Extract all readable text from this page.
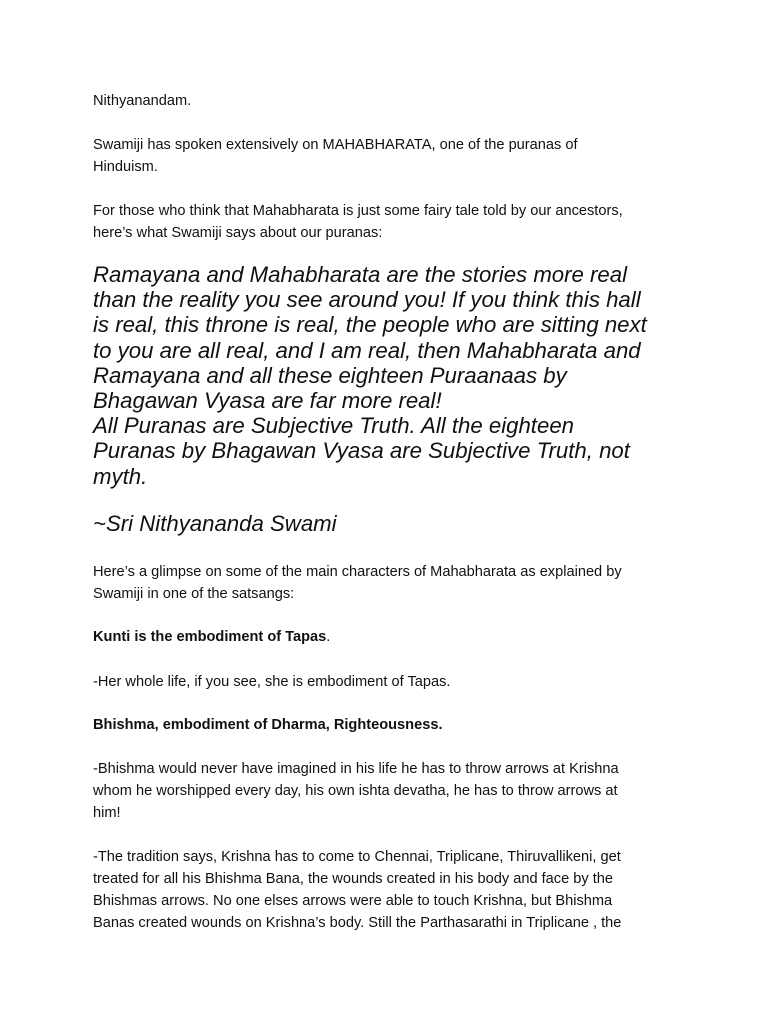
Nithyanandam.

Swamiji has spoken extensively on MAHABHARATA, one of the puranas of
Hinduism.

For those who think that Mahabharata is just some fairy tale told by our ancestors,
here’s what Swamiji says about our puranas:

Ramayana and Mahabharata are the stories more real
than the reality you see around you! If you think this hall
is real, this throne is real, the people who are sitting next
to you are all real, and I am real, then Mahabharata and
Ramayana and all these eighteen Puraanaas by
Bhagawan Vyasa are far more real!
All Puranas are Subjective Truth. All the eighteen
Puranas by Bhagawan Vyasa are Subjective Truth, not
myth.
~Sri Nithyananda Swami

Here’s a glimpse on some of the main characters of Mahabharata as explained by
Swamiji in one of the satsangs:

Kunti is the embodiment of Tapas.

-Her whole life, if you see, she is embodiment of Tapas.

Bhishma, embodiment of Dharma, Righteousness.

-Bhishma would never have imagined in his life he has to throw arrows at Krishna
whom he worshipped every day, his own ishta devatha, he has to throw arrows at
him!

-The tradition says, Krishna has to come to Chennai, Triplicane, Thiruvallikeni, get
treated for all his Bhishma Bana, the wounds created in his body and face by the
Bhishmas arrows. No one elses arrows were able to touch Krishna, but Bhishma
Banas created wounds on Krishna’s body. Still the Parthasarathi in Triplicane , the
